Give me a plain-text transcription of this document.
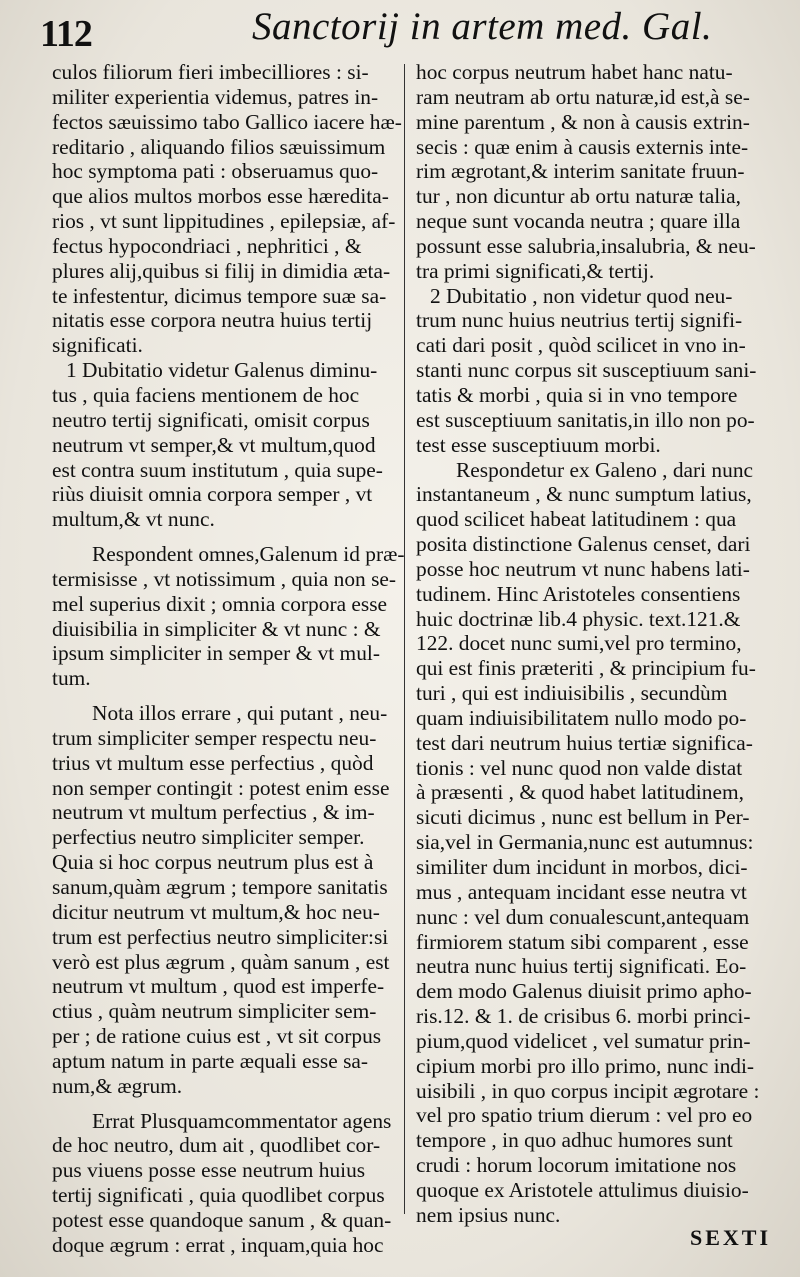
112	Sanctorij in artem med. Gal.
culos filiorum fieri imbecilliores : si-
militer experientia videmus, patres in-
fectos sæuissimo tabo Gallico iacere hæ-
reditario , aliquando filios sæuissimum
hoc symptoma pati : obseruamus quo-
que alios multos morbos esse hæredita-
rios , vt sunt lippitudines , epilepsiæ, af-
fectus hypocondriaci , nephritici , &
plures alij,quibus si filij in dimidia æta-
te infestentur, dicimus tempore suæ sa-
nitatis esse corpora neutra huius tertij
significati.
1 Dubitatio videtur Galenus diminu-
tus , quia faciens mentionem de hoc
neutro tertij significati, omisit corpus
neutrum vt semper,& vt multum,quod
est contra suum institutum , quia supe-
riùs diuisit omnia corpora semper , vt
multum,& vt nunc.
Respondent omnes,Galenum id præ-
termisisse , vt notissimum , quia non se-
mel superius dixit ; omnia corpora esse
diuisibilia in simpliciter & vt nunc : &
ipsum simpliciter in semper & vt mul-
tum.
Nota illos errare , qui putant , neu-
trum simpliciter semper respectu neu-
trius vt multum esse perfectius , quòd
non semper contingit : potest enim esse
neutrum vt multum perfectius , & im-
perfectius neutro simpliciter semper.
Quia si hoc corpus neutrum plus est à
sanum,quàm ægrum ; tempore sanitatis
dicitur neutrum vt multum,& hoc neu-
trum est perfectius neutro simpliciter:si
verò est plus ægrum , quàm sanum , est
neutrum vt multum , quod est imperfe-
ctius , quàm neutrum simpliciter sem-
per ; de ratione cuius est , vt sit corpus
aptum natum in parte æquali esse sa-
num,& ægrum.
Errat Plusquamcommentator agens
de hoc neutro, dum ait , quodlibet cor-
pus viuens posse esse neutrum huius
tertij significati , quia quodlibet corpus
potest esse quandoque sanum , & quan-
doque ægrum : errat , inquam,quia hoc
hoc corpus neutrum habet hanc natu-
ram neutram ab ortu naturæ,id est,à se-
mine parentum , & non à causis extrin-
secis : quæ enim à causis externis inte-
rim ægrotant,& interim sanitate fruun-
tur , non dicuntur ab ortu naturæ talia,
neque sunt vocanda neutra ; quare illa
possunt esse salubria,insalubria, & neu-
tra primi significati,& tertij.
2 Dubitatio , non videtur quod neu-
trum nunc huius neutrius tertij signifi-
cati dari posit , quòd scilicet in vno in-
stanti nunc corpus sit susceptiuum sani-
tatis & morbi , quia si in vno tempore
est susceptiuum sanitatis,in illo non po-
test esse susceptiuum morbi.
Respondetur ex Galeno , dari nunc
instantaneum , & nunc sumptum latius,
quod scilicet habeat latitudinem : qua
posita distinctione Galenus censet, dari
posse hoc neutrum vt nunc habens lati-
tudinem. Hinc Aristoteles consentiens
huic doctrinæ lib.4 physic. text.121.&
122. docet nunc sumi,vel pro termino,
qui est finis præteriti , & principium fu-
turi , qui est indiuisibilis , secundùm
quam indiuisibilitatem nullo modo po-
test dari neutrum huius tertiæ significa-
tionis : vel nunc quod non valde distat
à præsenti , & quod habet latitudinem,
sicuti dicimus , nunc est bellum in Per-
sia,vel in Germania,nunc est autumnus:
similiter dum incidunt in morbos, dici-
mus , antequam incidant esse neutra vt
nunc : vel dum conualescunt,antequam
firmiorem statum sibi comparent , esse
neutra nunc huius tertij significati. Eo-
dem modo Galenus diuisit primo apho-
ris.12. & 1. de crisibus 6. morbi princi-
pium,quod videlicet , vel sumatur prin-
cipium morbi pro illo primo, nunc indi-
uisibili , in quo corpus incipit ægrotare :
vel pro spatio trium dierum : vel pro eo
tempore , in quo adhuc humores sunt
crudi : horum locorum imitatione nos
quoque ex Aristotele attulimus diuisio-
nem ipsius nunc.
SEXTI
